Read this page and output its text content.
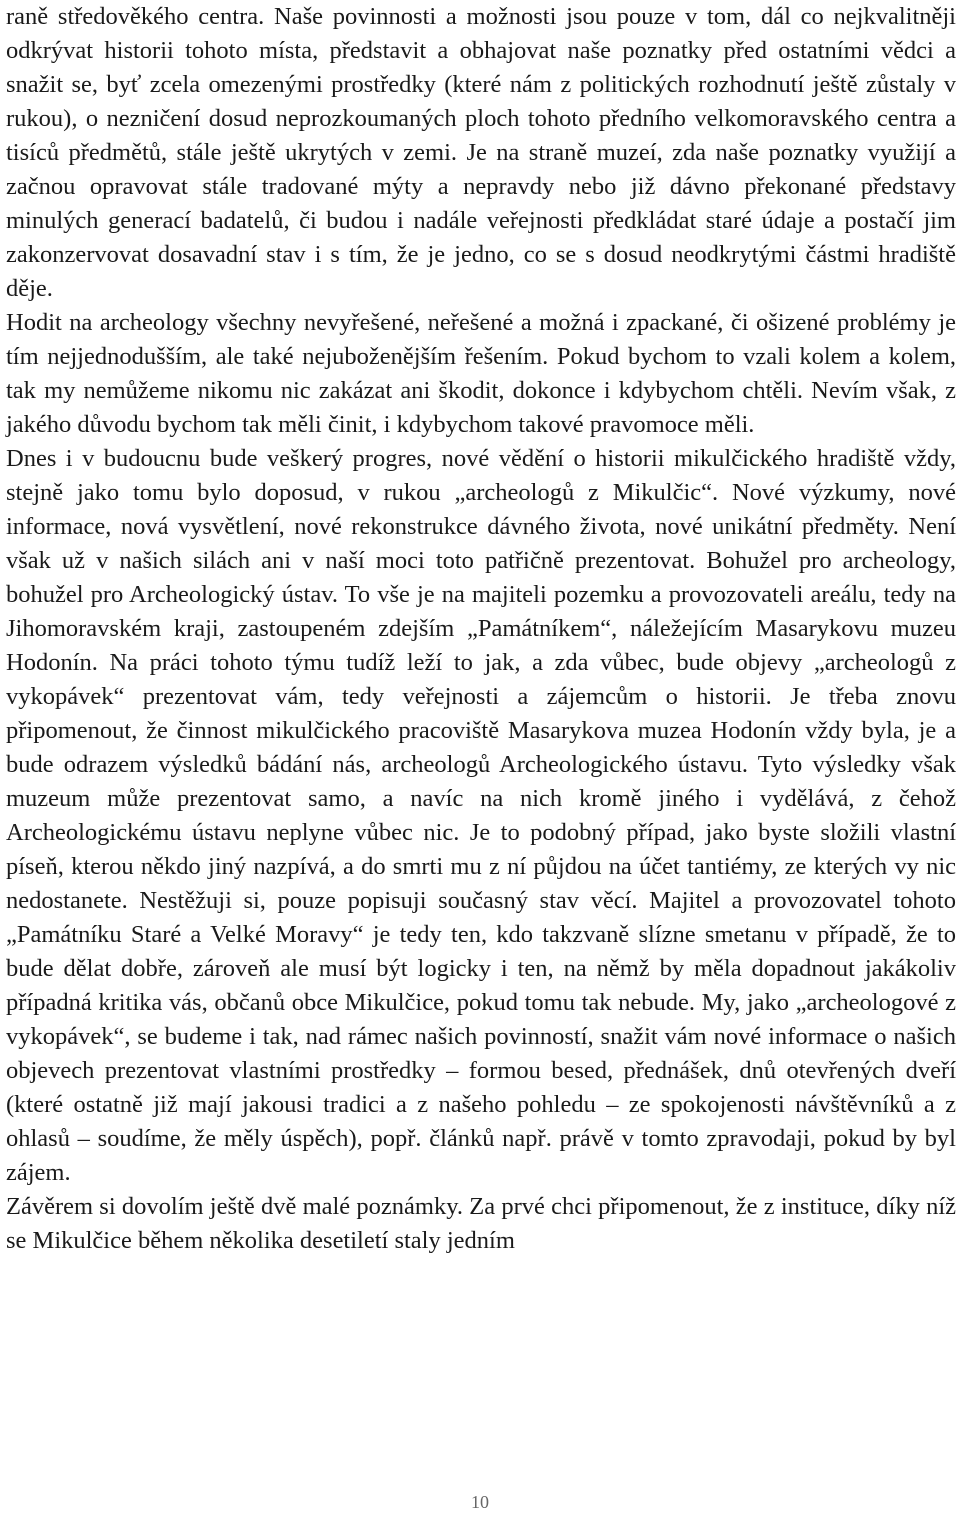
raně středověkého centra. Naše povinnosti a možnosti jsou pouze v tom, dál co nejkvalitněji odkrývat historii tohoto místa, představit a obhajovat naše poznatky před ostatními vědci a snažit se, byť zcela omezenými prostředky (které nám z politických rozhodnutí ještě zůstaly v rukou), o nezničení dosud neprozkoumaných ploch tohoto předního velkomoravského centra a tisíců předmětů, stále ještě ukrytých v zemi. Je na straně muzeí, zda naše poznatky využijí a začnou opravovat stále tradované mýty a nepravdy nebo již dávno překonané představy minulých generací badatelů, či budou i nadále veřejnosti předkládat staré údaje a postačí jim zakonzervovat dosavadní stav i s tím, že je jedno, co se s dosud neodkrytými částmi hradiště děje.

Hodit na archeology všechny nevyřešené, neřešené a možná i zpackané, či ošizené problémy je tím nejjednodušším, ale také nejuboženějším řešením. Pokud bychom to vzali kolem a kolem, tak my nemůžeme nikomu nic zakázat ani škodit, dokonce i kdybychom chtěli. Nevím však, z jakého důvodu bychom tak měli činit, i kdybychom takové pravomoce měli.

Dnes i v budoucnu bude veškerý progres, nové vědění o historii mikulčického hradiště vždy, stejně jako tomu bylo doposud, v rukou „archeologů z Mikulčic“. Nové výzkumy, nové informace, nová vysvětlení, nové rekonstrukce dávného života, nové unikátní předměty. Není však už v našich silách ani v naší moci toto patřičně prezentovat. Bohužel pro archeology, bohužel pro Archeologický ústav. To vše je na majiteli pozemku a provozovateli areálu, tedy na Jihomoravském kraji, zastoupeném zdejším „Památníkem“, náležejícím Masarykovu muzeu Hodonín. Na práci tohoto týmu tudíž leží to jak, a zda vůbec, bude objevy „archeologů z vykopávek“ prezentovat vám, tedy veřejnosti a zájemcům o historii. Je třeba znovu připomenout, že činnost mikulčického pracoviště Masarykova muzea Hodonín vždy byla, je a bude odrazem výsledků bádání nás, archeologů Archeologického ústavu. Tyto výsledky však muzeum může prezentovat samo, a navíc na nich kromě jiného i vydělává, z čehož Archeologickému ústavu neplyne vůbec nic. Je to podobný případ, jako byste složili vlastní píseň, kterou někdo jiný nazpívá, a do smrti mu z ní půjdou na účet tantiémy, ze kterých vy nic nedostanete. Nestěžuji si, pouze popisuji současný stav věcí. Majitel a provozovatel tohoto „Památníku Staré a Velké Moravy“ je tedy ten, kdo takzvaně slízne smetanu v případě, že to bude dělat dobře, zároveň ale musí být logicky i ten, na němž by měla dopadnout jakákoliv případná kritika vás, občanů obce Mikulčice, pokud tomu tak nebude. My, jako „archeologové z vykopávek“, se budeme i tak, nad rámec našich povinností, snažit vám nové informace o našich objevech prezentovat vlastními prostředky – formou besed, přednášek, dnů otevřených dveří (které ostatně již mají jakousi tradici a z našeho pohledu – ze spokojenosti návštěvníků a z ohlasů – soudíme, že měly úspěch), popř. článků např. právě v tomto zpravodaji, pokud by byl zájem.

Závěrem si dovolím ještě dvě malé poznámky. Za prvé chci připomenout, že z instituce, díky níž se Mikulčice během několika desetiletí staly jedním

10
